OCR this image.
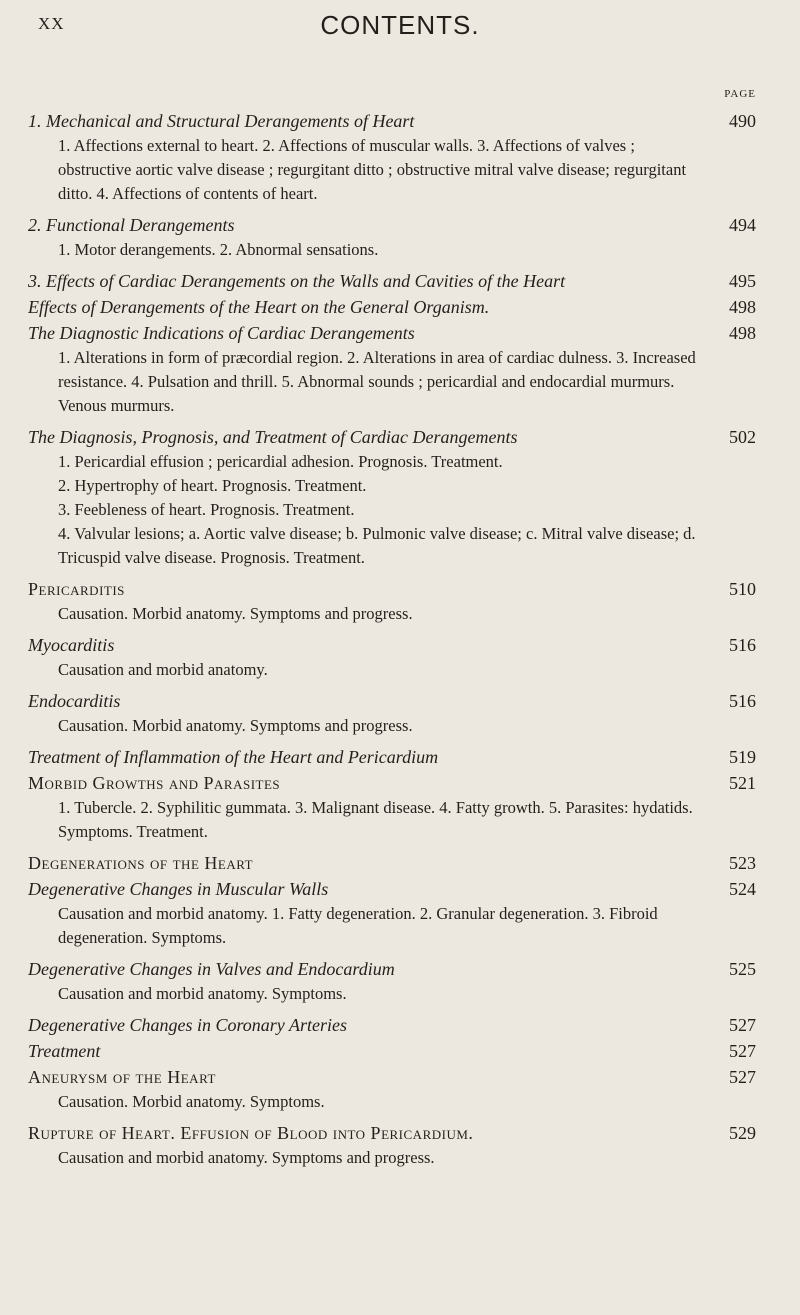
XX	CONTENTS.
PAGE
1. Mechanical and Structural Derangements of Heart	490
1. Affections external to heart. 2. Affections of muscular walls. 3. Affections of valves ; obstructive aortic valve disease ; regurgitant ditto ; obstructive mitral valve disease; regurgitant ditto. 4. Affections of contents of heart.
2. Functional Derangements	494
1. Motor derangements. 2. Abnormal sensations.
3. Effects of Cardiac Derangements on the Walls and Cavities of the Heart	495
Effects of Derangements of the Heart on the General Organism.	498
The Diagnostic Indications of Cardiac Derangements	498
1. Alterations in form of præcordial region. 2. Alterations in area of cardiac dulness. 3. Increased resistance. 4. Pulsation and thrill. 5. Abnormal sounds ; pericardial and endocardial murmurs. Venous murmurs.
The Diagnosis, Prognosis, and Treatment of Cardiac Derangements	502
1. Pericardial effusion ; pericardial adhesion. Prognosis. Treatment.
2. Hypertrophy of heart. Prognosis. Treatment.
3. Feebleness of heart. Prognosis. Treatment.
4. Valvular lesions; a. Aortic valve disease; b. Pulmonic valve disease; c. Mitral valve disease; d. Tricuspid valve disease. Prognosis. Treatment.
Pericarditis	510
Causation. Morbid anatomy. Symptoms and progress.
Myocarditis	516
Causation and morbid anatomy.
Endocarditis	516
Causation. Morbid anatomy. Symptoms and progress.
Treatment of Inflammation of the Heart and Pericardium	519
Morbid Growths and Parasites	521
1. Tubercle. 2. Syphilitic gummata. 3. Malignant disease. 4. Fatty growth. 5. Parasites: hydatids. Symptoms. Treatment.
Degenerations of the Heart	523
Degenerative Changes in Muscular Walls	524
Causation and morbid anatomy. 1. Fatty degeneration. 2. Granular degeneration. 3. Fibroid degeneration. Symptoms.
Degenerative Changes in Valves and Endocardium	525
Causation and morbid anatomy. Symptoms.
Degenerative Changes in Coronary Arteries	527
Treatment	527
Aneurysm of the Heart	527
Causation. Morbid anatomy. Symptoms.
Rupture of Heart. Effusion of Blood into Pericardium.	529
Causation and morbid anatomy. Symptoms and progress.
